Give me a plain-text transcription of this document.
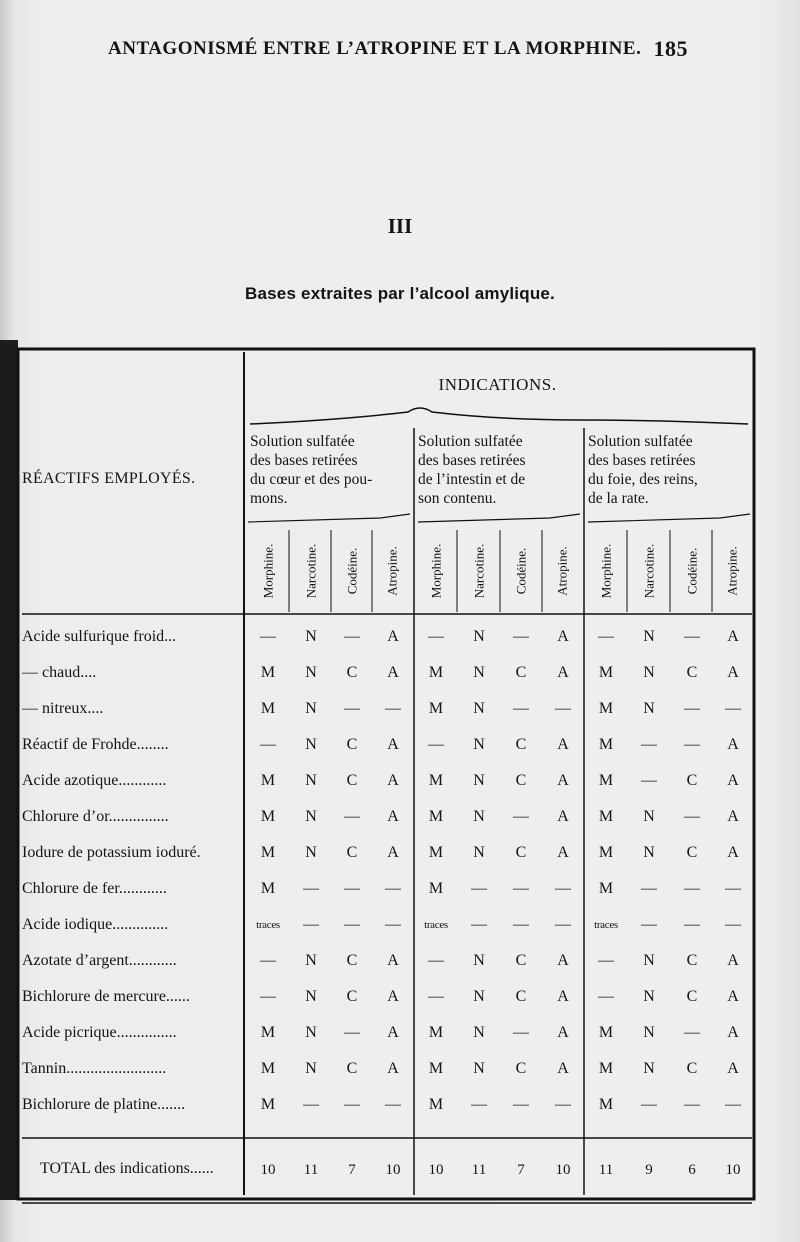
ANTAGONISMÉ ENTRE L’ATROPINE ET LA MORPHINE. 185
III
Bases extraites par l’alcool amylique.
INDICATIONS.
RÉACTIFS EMPLOYÉS.
Solution sulfatée
des bases retirées
du cœur et des pou-
mons.
Solution sulfatée
des bases retirées
de l’intestin et de
son contenu.
Solution sulfatée
des bases retirées
du foie, des reins,
de la rate.
Morphine. Narcotine. Codéine. Atropine. Morphine. Narcotine. Codéine. Atropine. Morphine. Narcotine. Codéine. Atropine.
Acide sulfurique froid...	—	N	—	A	—	N	—	A	—	N	—	A
— chaud....	M	N	C	A	M	N	C	A	M	N	C	A
— nitreux....	M	N	—	—	M	N	—	—	M	N	—	—
Réactif de Frohde........	—	N	C	A	—	N	C	A	M	—	—	A
Acide azotique............	M	N	C	A	M	N	C	A	M	—	C	A
Chlorure d’or...............	M	N	—	A	M	N	—	A	M	N	—	A
Iodure de potassium ioduré.	M	N	C	A	M	N	C	A	M	N	C	A
Chlorure de fer............	M	—	—	—	M	—	—	—	M	—	—	—
Acide iodique..............	traces	—	—	—	traces	—	—	—	traces	—	—	—
Azotate d’argent............	—	N	C	A	—	N	C	A	—	N	C	A
Bichlorure de mercure......	—	N	C	A	—	N	C	A	—	N	C	A
Acide picrique...............	M	N	—	A	M	N	—	A	M	N	—	A
Tannin.........................	M	N	C	A	M	N	C	A	M	N	C	A
Bichlorure de platine.......	M	—	—	—	M	—	—	—	M	—	—	—
TOTAL des indications......	10	11	7	10	10	11	7	10	11	9	6	10
